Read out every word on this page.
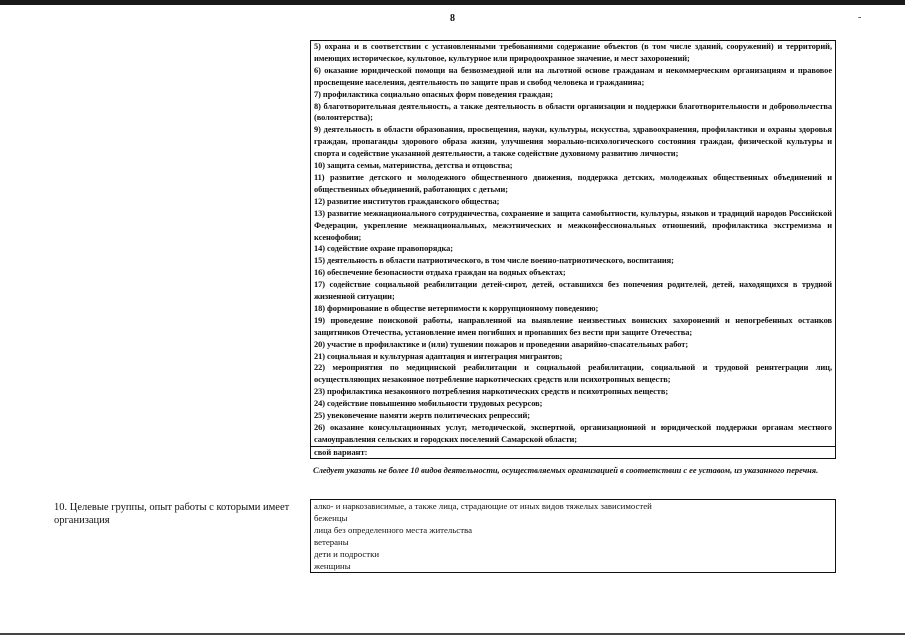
-
8
5) охрана и в соответствии с установленными требованиями содержание объектов (в том числе зданий, сооружений) и территорий, имеющих историческое, культовое, культурное или природоохранное значение, и мест захоронений;
6) оказание юридической помощи на безвозмездной или на льготной основе гражданам и некоммерческим организациям и правовое просвещение населения, деятельность по защите прав и свобод человека и гражданина;
7) профилактика социально опасных форм поведения граждан;
8) благотворительная деятельность, а также деятельность в области организации и поддержки благотворительности и добровольчества (волонтерства);
9) деятельность в области образования, просвещения, науки, культуры, искусства, здравоохранения, профилактики и охраны здоровья граждан, пропаганды здорового образа жизни, улучшения морально-психологического состояния граждан, физической культуры и спорта и содействие указанной деятельности, а также содействие духовному развитию личности;
10) защита семьи, материнства, детства и отцовства;
11) развитие детского и молодежного общественного движения, поддержка детских, молодежных общественных объединений и общественных объединений, работающих с детьми;
12) развитие институтов гражданского общества;
13) развитие межнационального сотрудничества, сохранение и защита самобытности, культуры, языков и традиций народов Российской Федерации, укрепление межнациональных, межэтнических и межконфессиональных отношений, профилактика экстремизма и ксенофобии;
14) содействие охране правопорядка;
15) деятельность в области патриотического, в том числе военно-патриотического, воспитания;
16) обеспечение безопасности отдыха граждан на водных объектах;
17) содействие социальной реабилитации детей-сирот, детей, оставшихся без попечения родителей, детей, находящихся в трудной жизненной ситуации;
18) формирование в обществе нетерпимости к коррупционному поведению;
19) проведение поисковой работы, направленной на выявление неизвестных воинских захоронений и непогребенных останков защитников Отечества, установление имен погибших и пропавших без вести при защите Отечества;
20) участие в профилактике и (или) тушении пожаров и проведении аварийно-спасательных работ;
21) социальная и культурная адаптация и интеграция мигрантов;
22) мероприятия по медицинской реабилитации и социальной реабилитации, социальной и трудовой реинтеграции лиц, осуществляющих незаконное потребление наркотических средств или психотропных веществ;
23) профилактика незаконного потребления наркотических средств и психотропных веществ;
24) содействие повышению мобильности трудовых ресурсов;
25) увековечение памяти жертв политических репрессий;
26) оказание консультационных услуг, методической, экспертной, организационной и юридической поддержки органам местного самоуправления сельских и городских поселений Самарской области;
свой вариант:
Следует указать не более 10 видов деятельности, осуществляемых организацией в соответствии с ее уставом, из указанного перечня.
10. Целевые группы, опыт работы с которыми имеет организация
алко- и наркозависимые, а также лица, страдающие от иных видов тяжелых зависимостей
беженцы
лица без определенного места жительства
ветераны
дети и подростки
женщины
